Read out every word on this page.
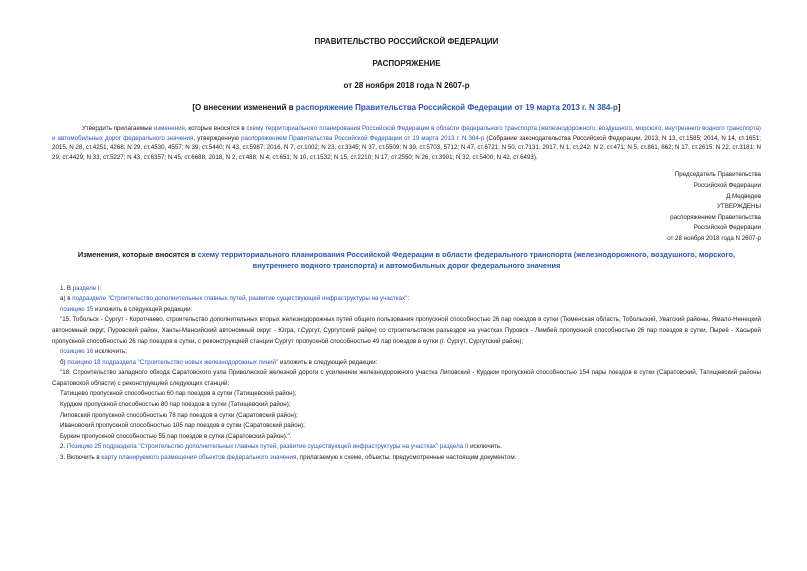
ПРАВИТЕЛЬСТВО РОССИЙСКОЙ ФЕДЕРАЦИИ
РАСПОРЯЖЕНИЕ
от 28 ноября 2018 года N 2607-р
[О внесении изменений в распоряжение Правительства Российской Федерации от 19 марта 2013 г. N 384-р]

Утвердить прилагаемые изменения, которые вносятся в схему территориального планирования Российской Федерации в области федерального транспорта (железнодорожного, воздушного, морского, внутреннего водного транспорта) и автомобильных дорог федерального значения, утвержденную распоряжением Правительства Российской Федерации от 19 марта 2013 г. N 384-р (Собрание законодательства Российской Федерации, 2013, N 13, ст.1585; 2014, N 14, ст.1651; 2015, N 28, ст.4251, 4268; N 29, ст.4530, 4557; N 39, ст.5440; N 43, ст.5987; 2016, N 7, ст.1002; N 23, ст.3345; N 37, ст.5509; N 39, ст.5703, 5712; N 47, ст.6721; N 50, ст.7131; 2017, N 1, ст.242; N 2, ст.471; N 5, ст.861, 862; N 17, ст.2615; N 22, ст.3181; N 29, ст.4429; N 33, ст.5227; N 43, ст.6357; N 45, ст.6688; 2018, N 2, ст.488; N 4, ст.651; N 10, ст.1532; N 15, ст.2210; N 17, ст.2550; N 26, ст.3901; N 32, ст.5400; N 42, ст.6493).

Председатель Правительства
Российской Федерации
Д.Медведев
УТВЕРЖДЕНЫ
распоряжением Правительства
Российской Федерации
от 28 ноября 2018 года N 2607-р
Изменения, которые вносятся в схему территориального планирования Российской Федерации в области федерального транспорта (железнодорожного, воздушного, морского, внутреннего водного транспорта) и автомобильных дорог федерального значения

1. В разделе I:

а) в подразделе "Строительство дополнительных главных путей, развитие существующей инфраструктуры на участках":

позицию 15 изложить в следующей редакции:

"15. Тобольск - Сургут - Коротчаево, строительство дополнительных вторых железнодорожных путей общего пользования пропускной способностью 26 пар поездов в сутки (Тюменская область, Тобольский, Уватский районы, Ямало-Ненецкий автономный округ, Пуровский район, Ханты-Мансийский автономный округ - Югра, г.Сургут, Сургутский район) со строительством разъездов на участках Пуровск - Лимбей пропускной способностью 26 пар поездов в сутки, Пыреё - Хасырей пропускной способностью 26 пар поездов в сутки, с реконструкцией станции Сургут пропускной способностью 49 пар поездов в сутки (г. Сургут, Сургутский район);

позицию 16 исключить;

б) позицию 18 подраздела "Строительство новых железнодорожных линий" изложить в следующей редакции:

"18. Строительство западного обхода Саратовского узла Приволжской железной дороги с усилением железнодорожного участка Липовский - Курдюм пропускной способностью 154 пары поездов в сутки (Саратовский, Татищевский районы Саратовской области) с реконструкцией следующих станций:

Татищево пропускной способностью 60 пар поездов в сутки (Татищевский район);

Курдюм пропускной способностью 80 пар поездов в сутки (Татищевский район);

Липовский пропускной способностью 78 пар поездов в сутки (Саратовский район);

Ивановский пропускной способностью 105 пар поездов в сутки (Саратовский район);

Буркин пропускной способностью 55 пар поездов в сутки (Саратовский район).".

2. Позицию 25 подраздела "Строительство дополнительных главных путей, развитие существующей инфраструктуры на участках" раздела II исключить.

3. Включить в карту планируемого размещения объектов федерального значения, прилагаемую к схеме, объекты, предусмотренные настоящим документом.
